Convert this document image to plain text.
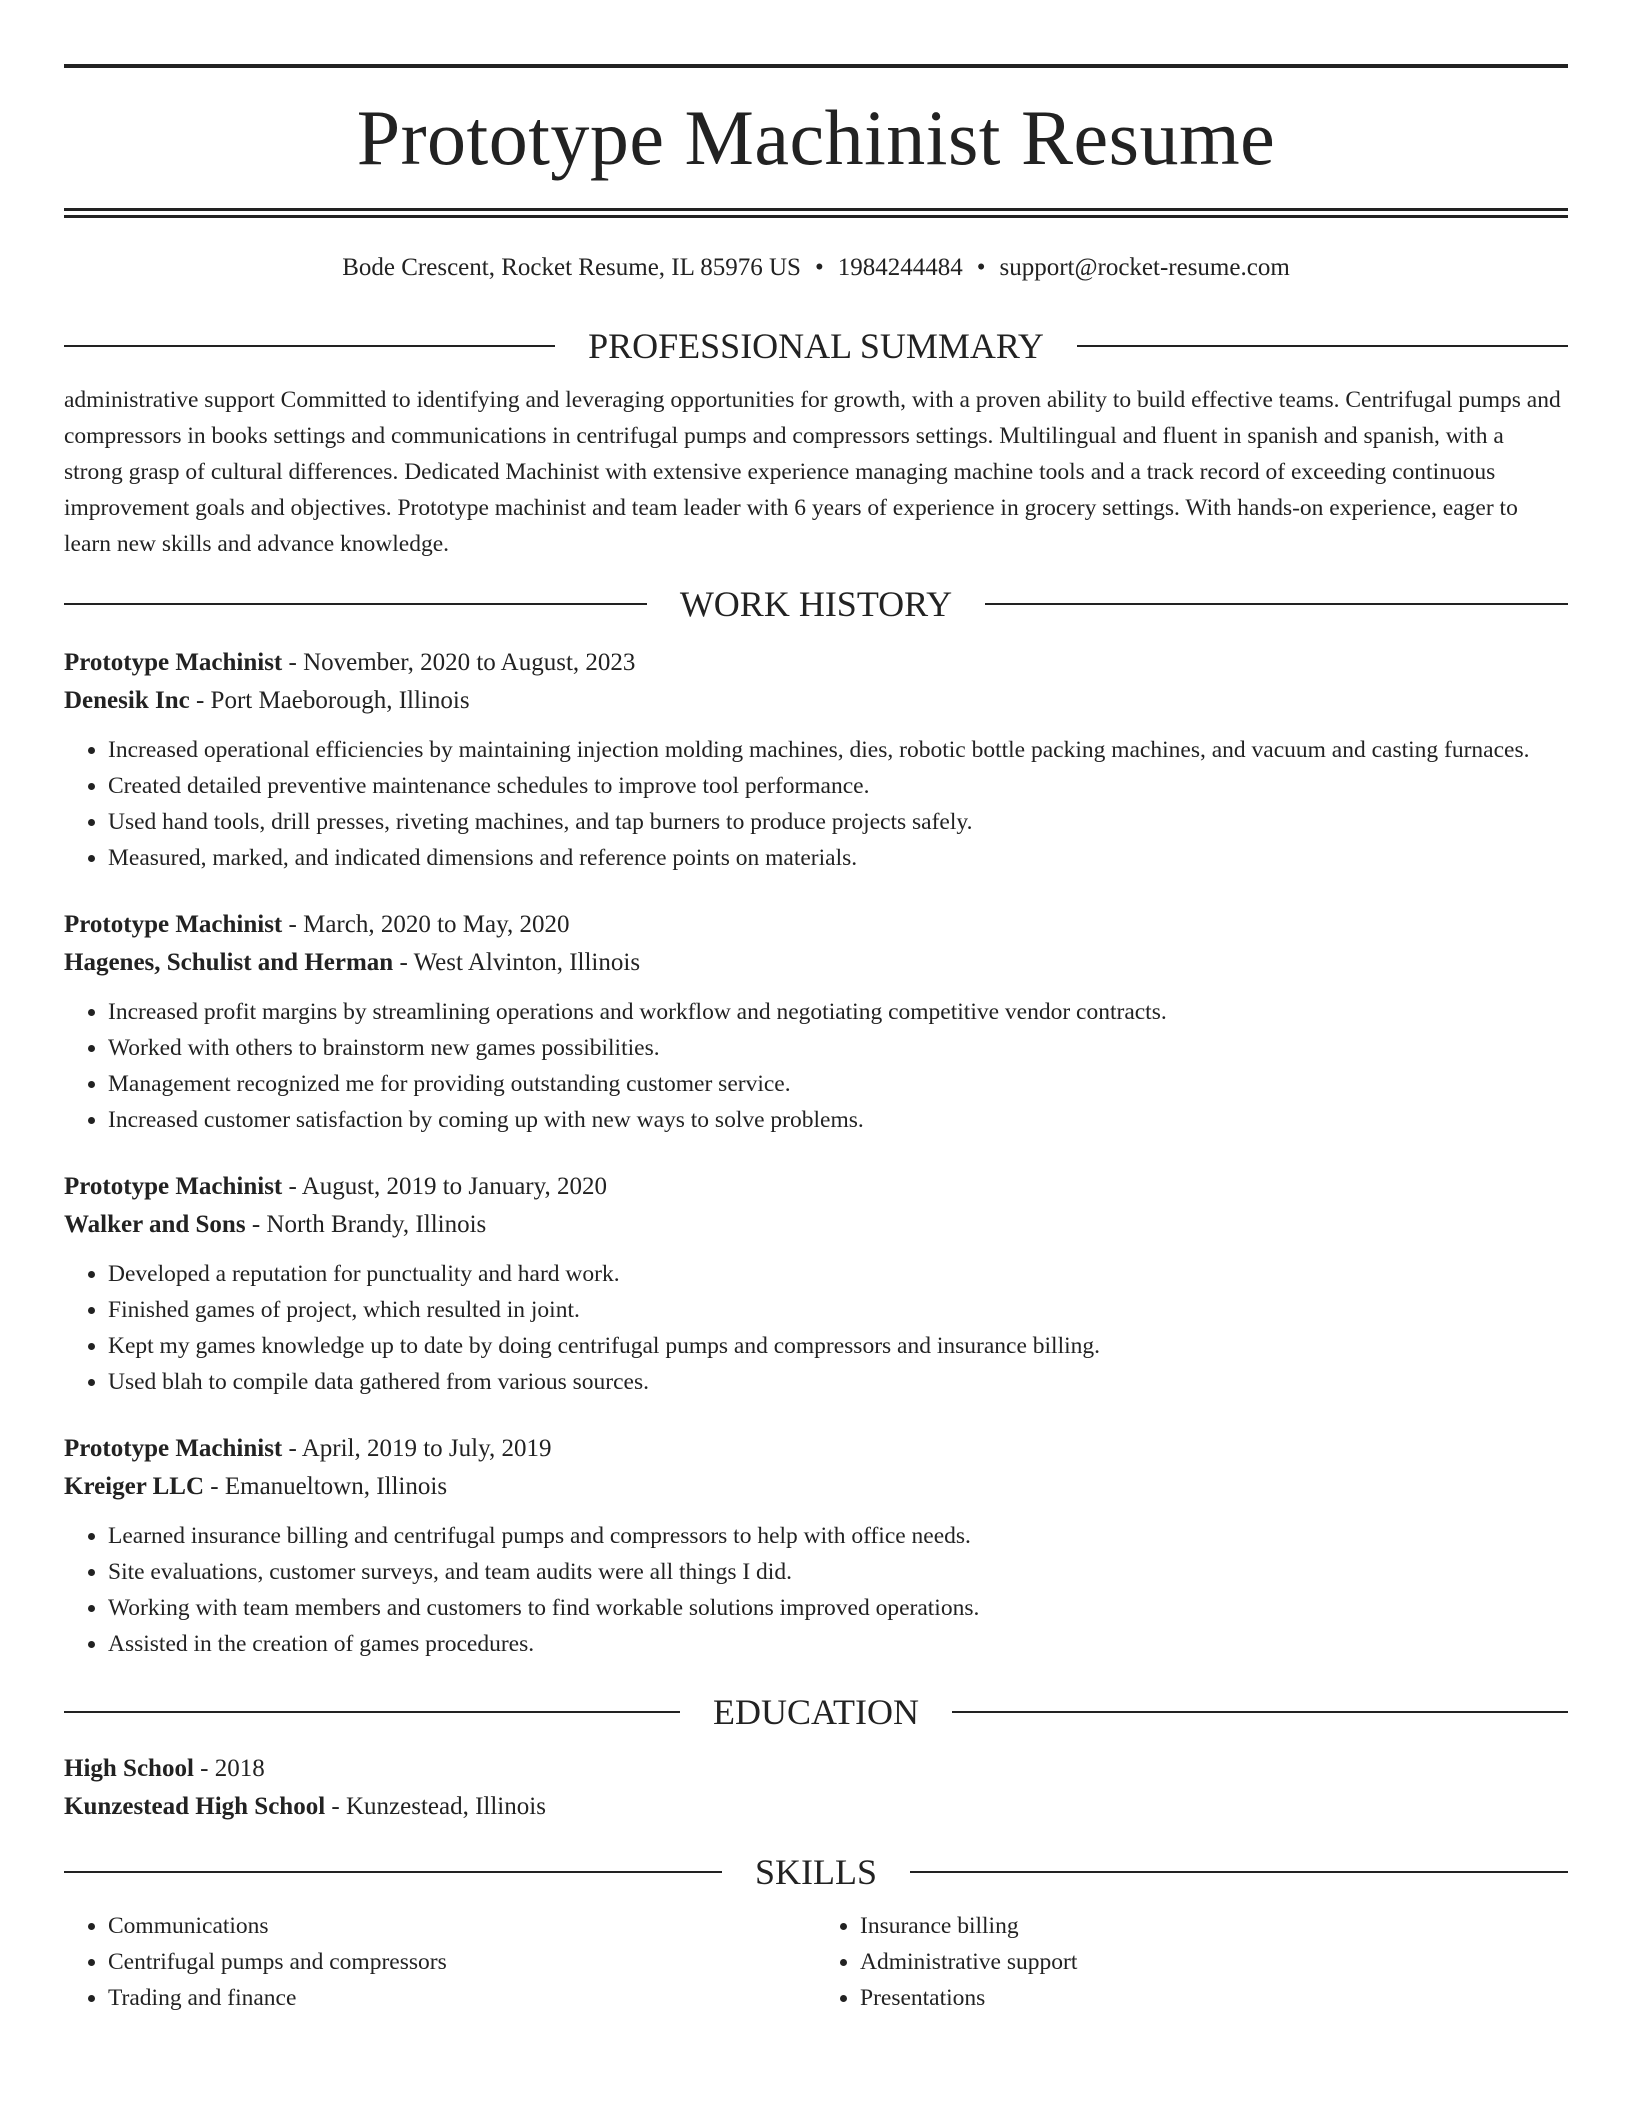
Prototype Machinist Resume
Bode Crescent, Rocket Resume, IL 85976 US • 1984244484 • support@rocket-resume.com
PROFESSIONAL SUMMARY

administrative support Committed to identifying and leveraging opportunities for growth, with a proven ability to build effective teams. Centrifugal pumps and compressors in books settings and communications in centrifugal pumps and compressors settings. Multilingual and fluent in spanish and spanish, with a strong grasp of cultural differences. Dedicated Machinist with extensive experience managing machine tools and a track record of exceeding continuous improvement goals and objectives. Prototype machinist and team leader with 6 years of experience in grocery settings. With hands-on experience, eager to learn new skills and advance knowledge.

WORK HISTORY
Prototype Machinist - November, 2020 to August, 2023
Denesik Inc - Port Maeborough, Illinois
• Increased operational efficiencies by maintaining injection molding machines, dies, robotic bottle packing machines, and vacuum and casting furnaces.
• Created detailed preventive maintenance schedules to improve tool performance.
• Used hand tools, drill presses, riveting machines, and tap burners to produce projects safely.
• Measured, marked, and indicated dimensions and reference points on materials.
Prototype Machinist - March, 2020 to May, 2020
Hagenes, Schulist and Herman - West Alvinton, Illinois
• Increased profit margins by streamlining operations and workflow and negotiating competitive vendor contracts.
• Worked with others to brainstorm new games possibilities.
• Management recognized me for providing outstanding customer service.
• Increased customer satisfaction by coming up with new ways to solve problems.
Prototype Machinist - August, 2019 to January, 2020
Walker and Sons - North Brandy, Illinois
• Developed a reputation for punctuality and hard work.
• Finished games of project, which resulted in joint.
• Kept my games knowledge up to date by doing centrifugal pumps and compressors and insurance billing.
• Used blah to compile data gathered from various sources.
Prototype Machinist - April, 2019 to July, 2019
Kreiger LLC - Emanueltown, Illinois
• Learned insurance billing and centrifugal pumps and compressors to help with office needs.
• Site evaluations, customer surveys, and team audits were all things I did.
• Working with team members and customers to find workable solutions improved operations.
• Assisted in the creation of games procedures.
EDUCATION
High School - 2018
Kunzestead High School - Kunzestead, Illinois
SKILLS
• Communications
• Centrifugal pumps and compressors
• Trading and finance
• Insurance billing
• Administrative support
• Presentations
